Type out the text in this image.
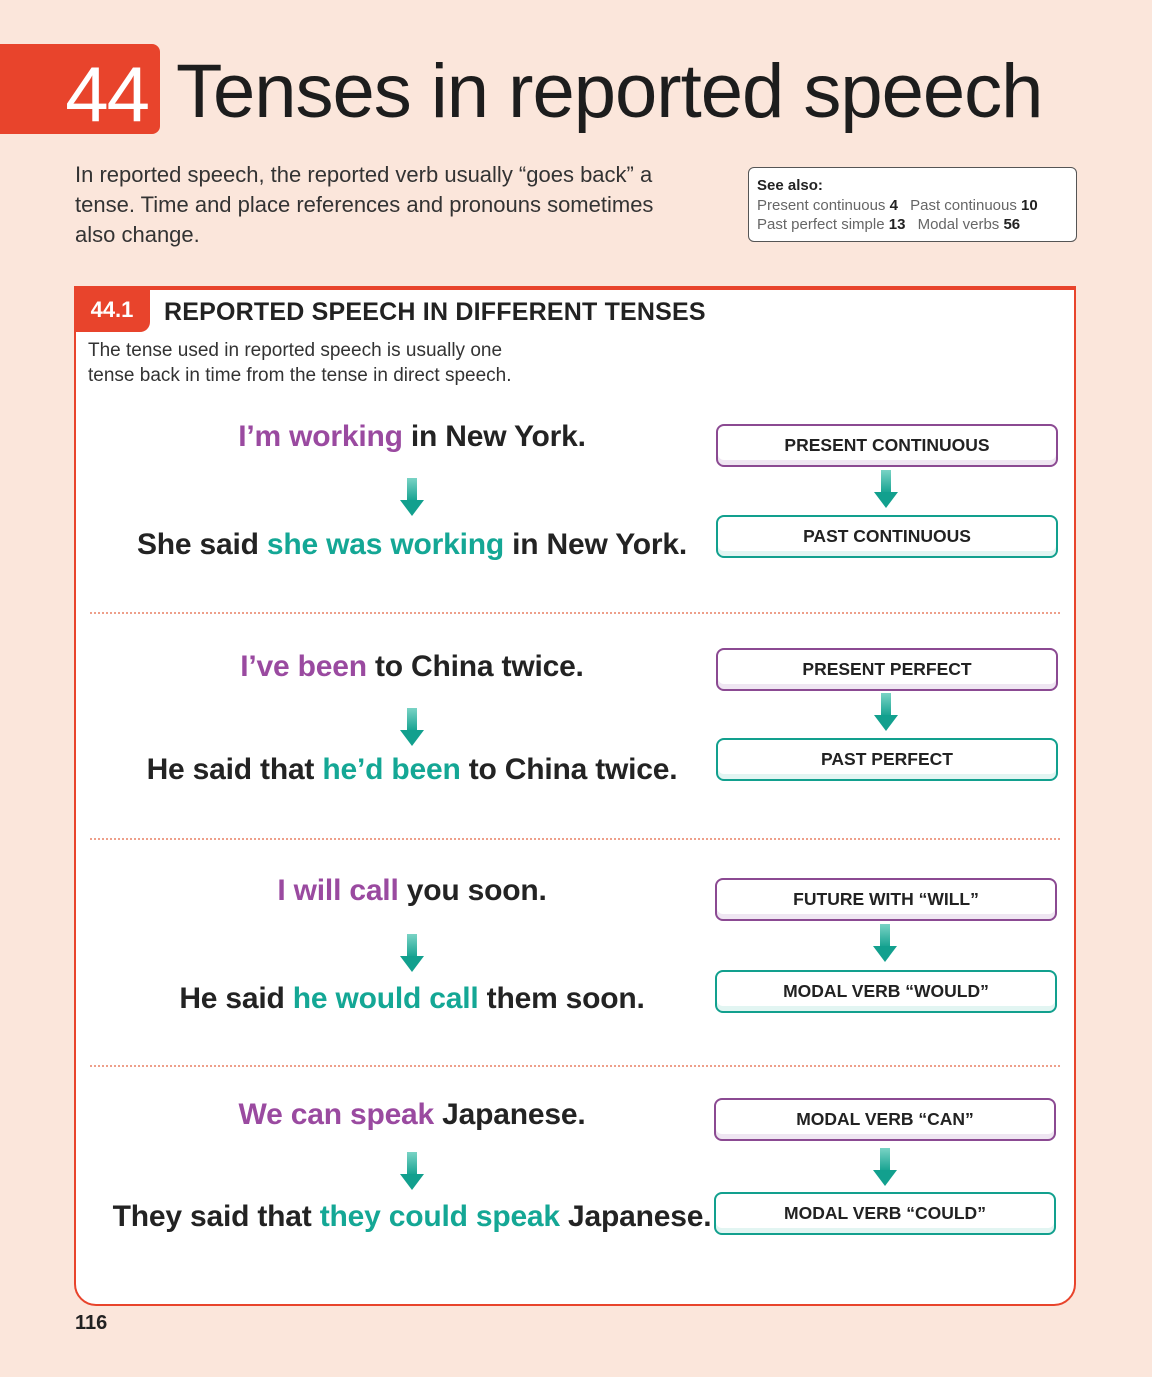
44 Tenses in reported speech

In reported speech, the reported verb usually “goes back” a tense. Time and place references and pronouns sometimes also change.

See also:
Present continuous 4 Past continuous 10
Past perfect simple 13 Modal verbs 56
44.1	REPORTED SPEECH IN DIFFERENT TENSES

The tense used in reported speech is usually one tense back in time from the tense in direct speech.

I’m working in New York.
She said she was working in New York.
PRESENT CONTINUOUS
PAST CONTINUOUS
I’ve been to China twice.
He said that he’d been to China twice.
PRESENT PERFECT
PAST PERFECT
I will call you soon.
He said he would call them soon.
FUTURE WITH “WILL”
MODAL VERB “WOULD”
We can speak Japanese.
They said that they could speak Japanese.
MODAL VERB “CAN”
MODAL VERB “COULD”
116
